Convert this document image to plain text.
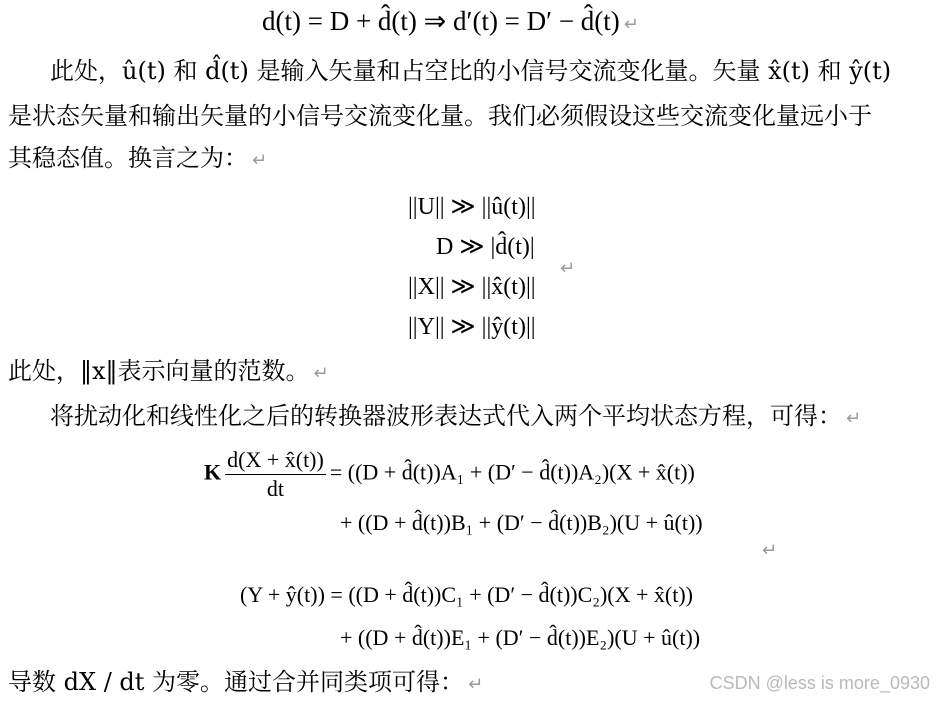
d(t) = D + d̂(t) ⇒ d′(t) = D′ − d̂(t) ↵
此处，û(t) 和 d̂(t) 是输入矢量和占空比的小信号交流变化量。矢量 x̂(t) 和 ŷ(t)
是状态矢量和输出矢量的小信号交流变化量。我们必须假设这些交流变化量远小于
其稳态值。换言之为： ↵
||U|| ≫ ||û(t)||
D ≫ |d̂(t)|
||X|| ≫ ||x̂(t)||
||Y|| ≫ ||ŷ(t)||
↵
此处，‖x‖表示向量的范数。 ↵
将扰动化和线性化之后的转换器波形表达式代入两个平均状态方程，可得： ↵
K $\frac{d(X + x̂(t))}{dt} = ((D$ + d̂(t))A₁ + (D′ − d̂(t))A₂)(X + x̂(t))
+ ((D + d̂(t))B₁ + (D′ − d̂(t))B₂)(U + û(t))
↵
(Y + ŷ(t)) = ((D + d̂(t))C₁ + (D′ − d̂(t))C₂)(X + x̂(t))
+ ((D + d̂(t))E₁ + (D′ − d̂(t))E₂)(U + û(t))
导数 dX / dt 为零。通过合并同类项可得： ↵	CSDN @less is more_0930
